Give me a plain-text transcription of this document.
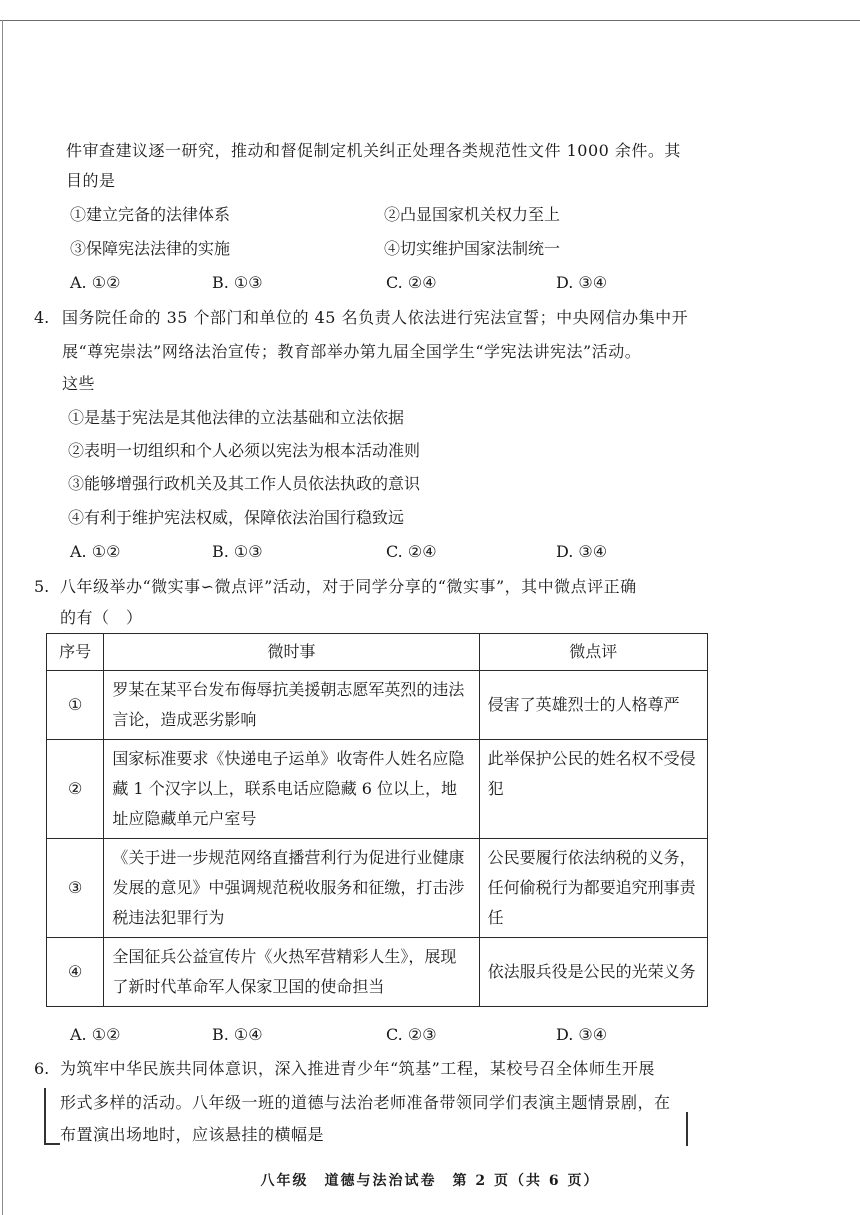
件审查建议逐一研究，推动和督促制定机关纠正处理各类规范性文件 1000 余件。其
目的是
①建立完备的法律体系	②凸显国家机关权力至上
③保障宪法法律的实施	④切实维护国家法制统一
A. ①②	B. ①③	C. ②④	D. ③④
4. 国务院任命的 35 个部门和单位的 45 名负责人依法进行宪法宣誓；中央网信办集中开
展“尊宪崇法”网络法治宣传；教育部举办第九届全国学生“学宪法讲宪法”活动。
这些
①是基于宪法是其他法律的立法基础和立法依据
②表明一切组织和个人必须以宪法为根本活动准则
③能够增强行政机关及其工作人员依法执政的意识
④有利于维护宪法权威，保障依法治国行稳致远
A. ①②	B. ①③	C. ②④	D. ③④
5. 八年级举办“微实事∽微点评”活动，对于同学分享的“微实事”，其中微点评正确
的有（　）
序号	微时事	微点评
①	罗某在某平台发布侮辱抗美援朝志愿军英烈的违法言论，造成恶劣影响	侵害了英雄烈士的人格尊严
②	国家标准要求《快递电子运单》收寄件人姓名应隐藏 1 个汉字以上，联系电话应隐藏 6 位以上，地址应隐藏单元户室号	此举保护公民的姓名权不受侵犯
③	《关于进一步规范网络直播营利行为促进行业健康发展的意见》中强调规范税收服务和征缴，打击涉税违法犯罪行为	公民要履行依法纳税的义务，任何偷税行为都要追究刑事责任
④	全国征兵公益宣传片《火热军营精彩人生》，展现了新时代革命军人保家卫国的使命担当	依法服兵役是公民的光荣义务
A. ①②	B. ①④	C. ②③	D. ③④
6. 为筑牢中华民族共同体意识，深入推进青少年“筑基”工程，某校号召全体师生开展
形式多样的活动。八年级一班的道德与法治老师准备带领同学们表演主题情景剧，在
布置演出场地时，应该悬挂的横幅是
八年级　道德与法治试卷　第 2 页（共 6 页）
